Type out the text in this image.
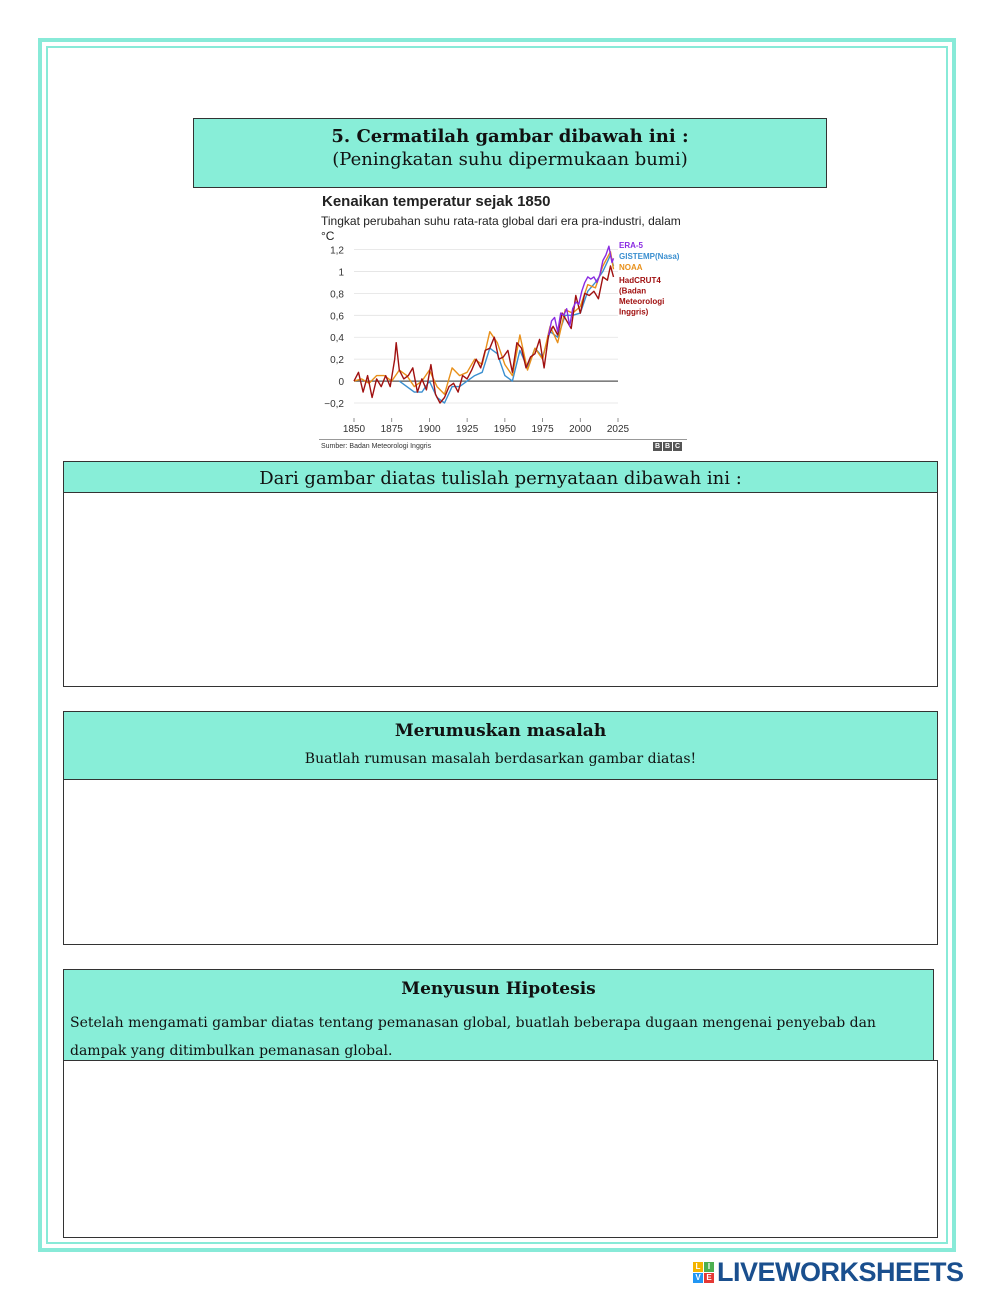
5. Cermatilah gambar dibawah ini :
(Peningkatan suhu dipermukaan bumi)
Kenaikan temperatur sejak 1850
Tingkat perubahan suhu rata-rata global dari era pra-industri, dalam °C
1,2
1
0,8
0,6
0,4
0,2
0
−0,2
1850 1875 1900 1925 1950 1975 2000 2025
ERA-5
GISTEMP(Nasa)
NOAA
HadCRUT4 (Badan Meteorologi Inggris)
Sumber: Badan Meteorologi Inggris	B B C
Dari gambar diatas tulislah pernyataan dibawah ini :
Merumuskan masalah
Buatlah rumusan masalah berdasarkan gambar diatas!
Menyusun Hipotesis
Setelah mengamati gambar diatas tentang pemanasan global, buatlah beberapa dugaan mengenai penyebab dan dampak yang ditimbulkan pemanasan global.
L I
V E LIVEWORKSHEETS
